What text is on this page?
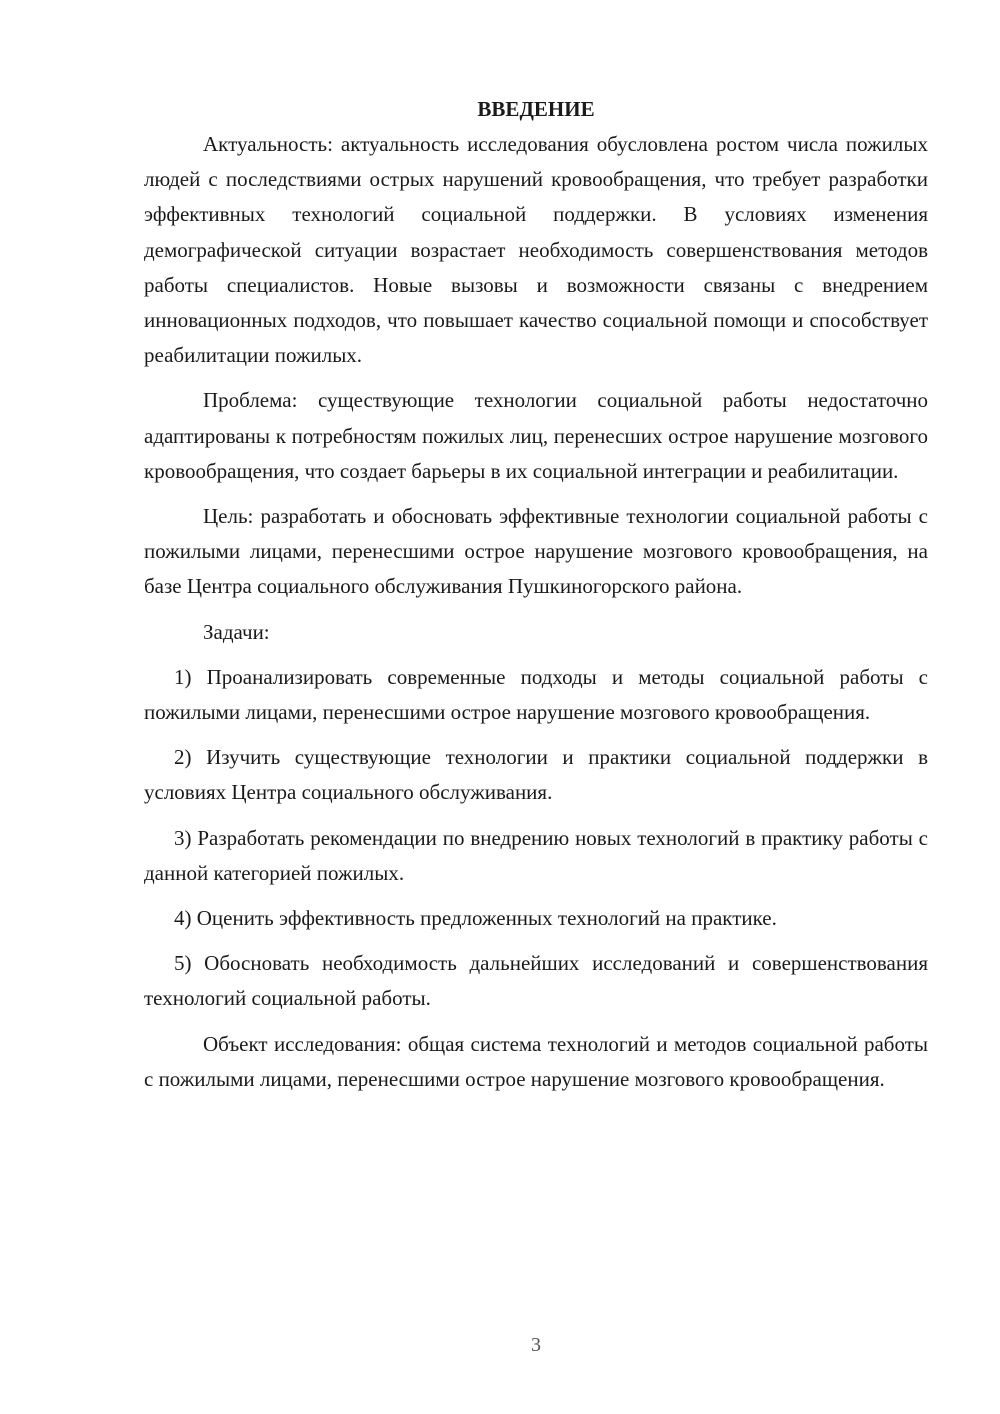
ВВЕДЕНИЕ

Актуальность: актуальность исследования обусловлена ростом числа пожилых людей с последствиями острых нарушений кровообращения, что требует разработки эффективных технологий социальной поддержки. В условиях изменения демографической ситуации возрастает необходимость совершенствования методов работы специалистов. Новые вызовы и возможности связаны с внедрением инновационных подходов, что повышает качество социальной помощи и способствует реабилитации пожилых.

Проблема: существующие технологии социальной работы недостаточно адаптированы к потребностям пожилых лиц, перенесших острое нарушение мозгового кровообращения, что создает барьеры в их социальной интеграции и реабилитации.

Цель: разработать и обосновать эффективные технологии социальной работы с пожилыми лицами, перенесшими острое нарушение мозгового кровообращения, на базе Центра социального обслуживания Пушкиногорского района.

Задачи:

1) Проанализировать современные подходы и методы социальной работы с пожилыми лицами, перенесшими острое нарушение мозгового кровообращения.

2) Изучить существующие технологии и практики социальной поддержки в условиях Центра социального обслуживания.

3) Разработать рекомендации по внедрению новых технологий в практику работы с данной категорией пожилых.

4) Оценить эффективность предложенных технологий на практике.

5) Обосновать необходимость дальнейших исследований и совершенствования технологий социальной работы.

Объект исследования: общая система технологий и методов социальной работы с пожилыми лицами, перенесшими острое нарушение мозгового кровообращения.

3
